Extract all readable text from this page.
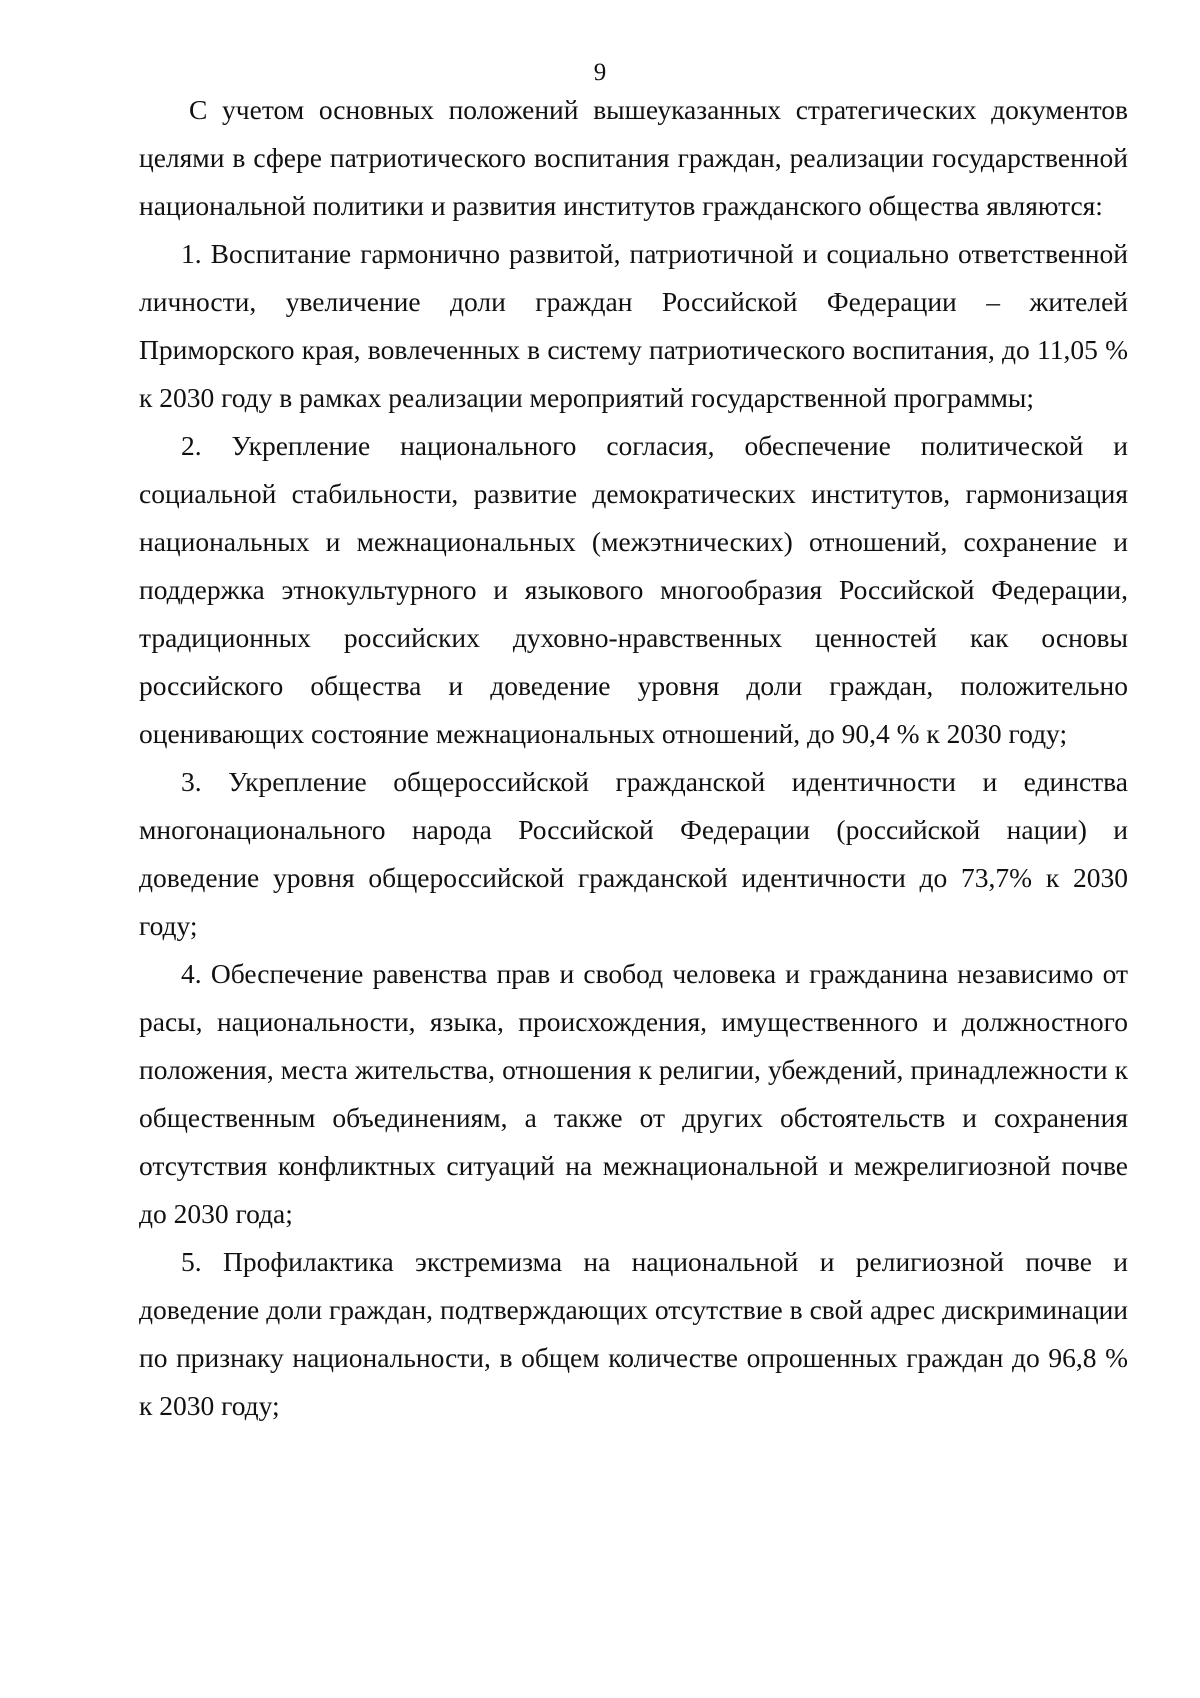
9

С учетом основных положений вышеуказанных стратегических документов целями в сфере патриотического воспитания граждан, реализации государственной национальной политики и развития институтов гражданского общества являются:

1. Воспитание гармонично развитой, патриотичной и социально ответственной личности, увеличение доли граждан Российской Федерации – жителей Приморского края, вовлеченных в систему патриотического воспитания, до 11,05 % к 2030 году в рамках реализации мероприятий государственной программы;

2. Укрепление национального согласия, обеспечение политической и социальной стабильности, развитие демократических институтов, гармонизация национальных и межнациональных (межэтнических) отношений, сохранение и поддержка этнокультурного и языкового многообразия Российской Федерации, традиционных российских духовно-нравственных ценностей как основы российского общества и доведение уровня доли граждан, положительно оценивающих состояние межнациональных отношений, до 90,4 % к 2030 году;

3. Укрепление общероссийской гражданской идентичности и единства многонационального народа Российской Федерации (российской нации) и доведение уровня общероссийской гражданской идентичности до 73,7% к 2030 году;

4. Обеспечение равенства прав и свобод человека и гражданина независимо от расы, национальности, языка, происхождения, имущественного и должностного положения, места жительства, отношения к религии, убеждений, принадлежности к общественным объединениям, а также от других обстоятельств и сохранения отсутствия конфликтных ситуаций на межнациональной и межрелигиозной почве до 2030 года;

5. Профилактика экстремизма на национальной и религиозной почве и доведение доли граждан, подтверждающих отсутствие в свой адрес дискриминации по признаку национальности, в общем количестве опрошенных граждан до 96,8 % к 2030 году;
